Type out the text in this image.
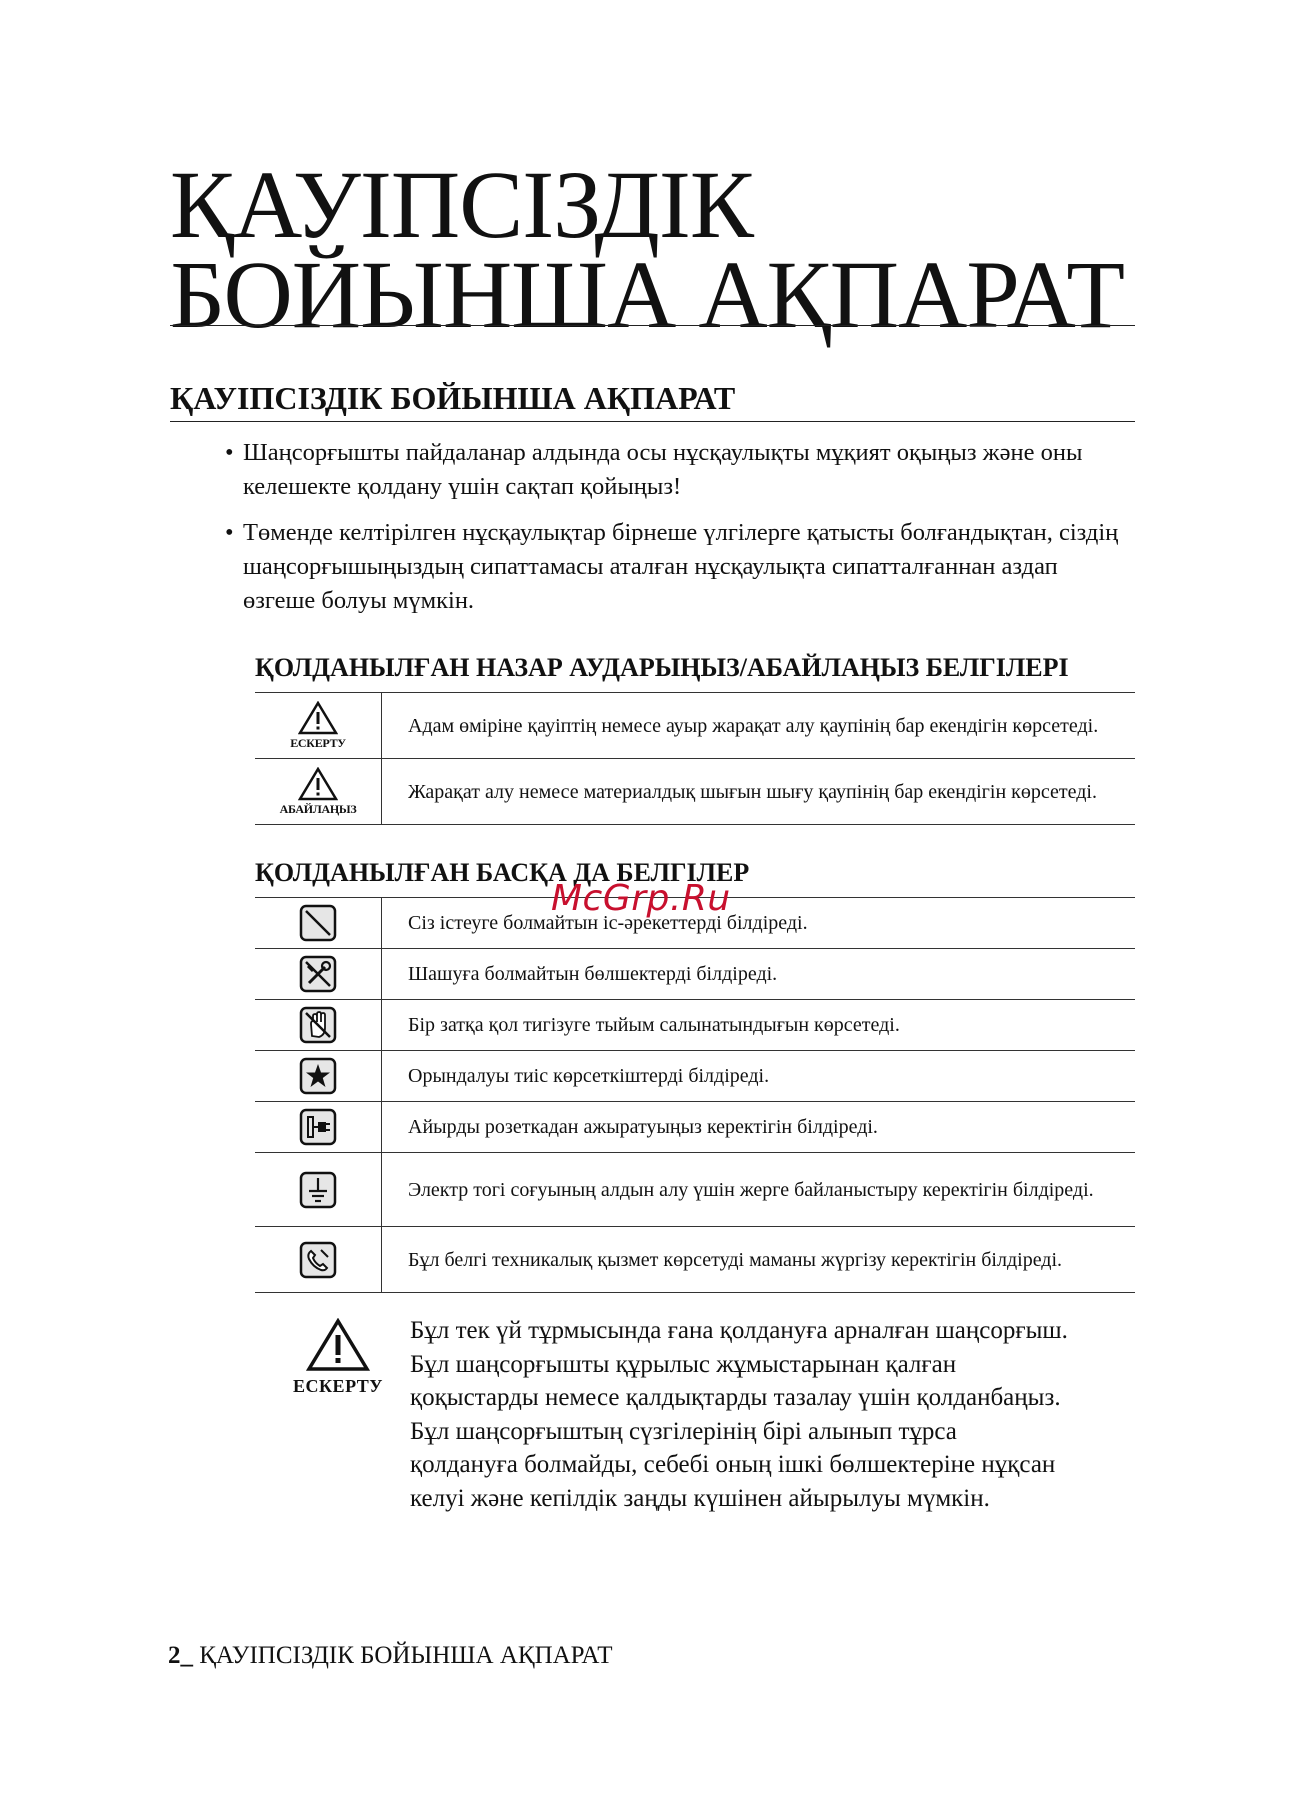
ҚАУІПСІЗДІК
БОЙЫНША АҚПАРАТ
ҚАУІПСІЗДІК БОЙЫНША АҚПАРАТ
• Шаңсорғышты пайдаланар алдында осы нұсқаулықты мұқият оқыңыз және оны келешекте қолдану үшін сақтап қойыңыз!
• Төменде келтірілген нұсқаулықтар бірнеше үлгілерге қатысты болғандықтан, сіздің шаңсорғышыңыздың сипаттамасы аталған нұсқаулықта сипатталғаннан аздап өзгеше болуы мүмкін.
ҚОЛДАНЫЛҒАН НАЗАР АУДАРЫҢЫЗ/АБАЙЛАҢЫЗ БЕЛГІЛЕРІ
ЕСКЕРТУ	Адам өміріне қауіптің немесе ауыр жарақат алу қаупінің бар екендігін көрсетеді.

АБАЙЛАҢЫЗ	Жарақат алу немесе материалдық шығын шығу қаупінің бар екендігін көрсетеді.
ҚОЛДАНЫЛҒАН БАСҚА ДА БЕЛГІЛЕР
	Сіз істеуге болмайтын іс-әрекеттерді білдіреді.
	Шашуға болмайтын бөлшектерді білдіреді.
	Бір затқа қол тигізуге тыйым салынатындығын көрсетеді.
	Орындалуы тиіс көрсеткіштерді білдіреді.
	Айырды розеткадан ажыратуыңыз керектігін білдіреді.
	Электр тогі соғуының алдын алу үшін жерге байланыстыру керектігін білдіреді.
	Бұл белгі техникалық қызмет көрсетуді маманы жүргізу керектігін білдіреді.
ЕСКЕРТУ
Бұл тек үй тұрмысында ғана қолдануға арналған шаңсорғыш.
Бұл шаңсорғышты құрылыс жұмыстарынан қалған
қоқыстарды немесе қалдықтарды тазалау үшін қолданбаңыз.
Бұл шаңсорғыштың сүзгілерінің бірі алынып тұрса
қолдануға болмайды, себебі оның ішкі бөлшектеріне нұқсан
келуі және кепілдік заңды күшінен айырылуы мүмкін.
McGrp.Ru

2_ ҚАУІПСІЗДІК БОЙЫНША АҚПАРАТ
